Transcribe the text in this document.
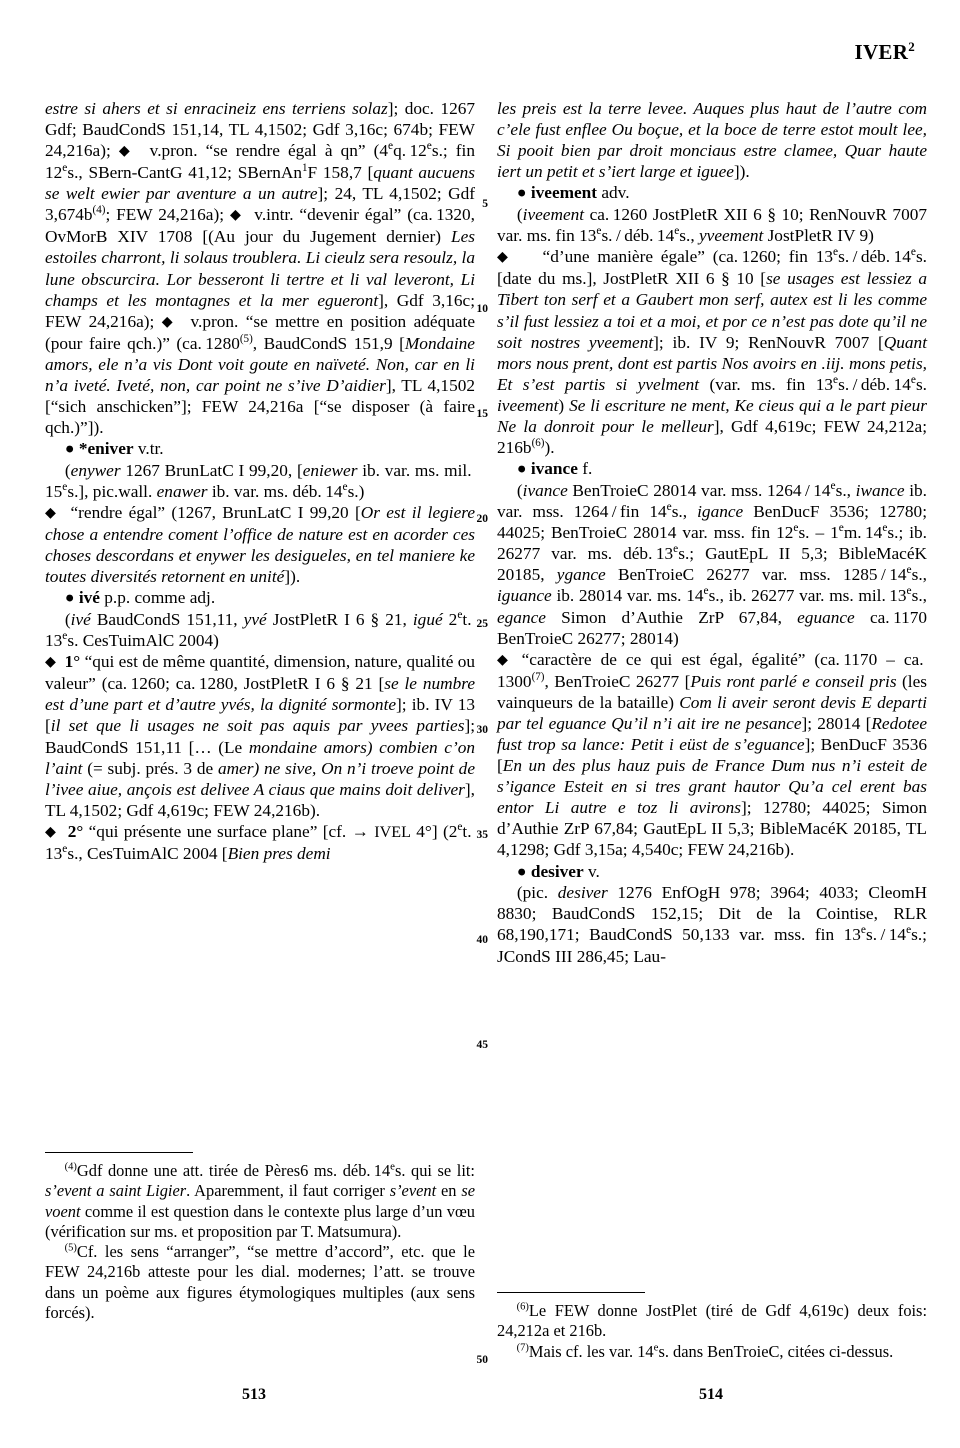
IVER$^2$

estre si ahers et si enracineiz ens terriens solaz]; doc. 1267 Gdf; BaudCondS 151,14, TL 4,1502; Gdf 3,16c; 674b; FEW 24,216a); ◆  v.pron. “se rendre égal à qn” (4eq. 12es.; fin 12es., SBern-CantG 41,12; SBernAn$^1$F 158,7 [quant aucuens se welt ewier par aventure a un autre]; 24, TL 4,1502; Gdf $3,674b^{(4)}$; FEW 24,216a); ◆  v.intr. “devenir égal” (ca. 1320, OvMorB XIV 1708 [(Au jour du Jugement dernier) Les estoiles charront, li solaus troublera. Li cieulz sera resoulz, la lune obscurcira. Lor besseront li tertre et li val leveront, Li champs et les montagnes et la mer egueront], Gdf 3,16c; FEW 24,216a); ◆  v.pron. “se mettre en position adéquate (pour faire qch.)” (ca. 1280$^{(5)}$, BaudCondS 151,9 [Mondaine amors, ele n’a vis Dont voit goute en naïveté. Non, car en li n’a iveté. Iveté, non, car point ne s’ive D’aidier], TL 4,1502 [“sich anschicken”]; FEW 24,216a [“se disposer (à faire qch.)”]).

● *eniver v.tr.

(enywer 1267 BrunLatC I 99,20, [eniewer ib. var. ms. mil. 15es.], pic.wall. enawer ib. var. ms. déb. 14es.)

◆  “rendre égal” (1267, BrunLatC I 99,20 [Or est il legiere chose a entendre coment l’office de nature est en acorder ces choses descordans et enywer les desigueles, en tel maniere ke toutes diversités retornent en unité]).

● ivé p.p. comme adj.

(ivé BaudCondS 151,11, yvé JostPletR I 6 § 21, igué 2et. 13es. CesTuimAlC 2004)

◆ 1° “qui est de même quantité, dimension, nature, qualité ou valeur” (ca. 1260; ca. 1280, JostPletR I 6 § 21 [se le numbre est d’une part et d’autre yvés, la dignité sormonte]; ib. IV 13 [il set que li usages ne soit pas aquis par yvees parties]; BaudCondS 151,11 [… (Le mondaine amors) combien c’on l’aint (= subj. prés. 3 de amer) ne sive, On n’i troeve point de l’ivee aiue, ançois est delivee A ciaus que mains doit deliver], TL 4,1502; Gdf 4,619c; FEW 24,216b).

◆ 2° “qui présente une surface plane” [cf. → IVEL 4°] (2et. 13es., CesTuimAlC 2004 [Bien pres demi

5
10
15
20
25
30
35
40
45
50

les preis est la terre levee. Auques plus haut de l’autre com c’ele fust enflee Ou boçue, et la boce de terre estot moult lee, Si pooit bien par droit monciaus estre clamee, Quar haute iert un petit et s’iert large et iguee]).

● iveement adv.

(iveement ca. 1260 JostPletR XII 6 § 10; RenNouvR 7007 var. ms. fin 13es. / déb. 14es., yveement JostPletR IV 9)

◆    “d’une manière égale” (ca. 1260; fin 13es. / déb. 14es. [date du ms.], JostPletR XII 6 § 10 [se usages est lessiez a Tibert ton serf et a Gaubert mon serf, autex est li les comme s’il fust lessiez a toi et a moi, et por ce n’est pas dote qu’il ne soit nostres yveement]; ib. IV 9; RenNouvR 7007 [Quant mors nous prent, dont est partis Nos avoirs en .iij. mons petis, Et s’est partis si yvelment (var. ms. fin 13es. / déb. 14es. iveement) Se li escriture ne ment, Ke cieus qui a le part pieur Ne la donroit pour le melleur], Gdf 4,619c; FEW 24,212a; $216b^{(6)}$).

● ivance f.

(ivance BenTroieC 28014 var. mss. 1264 / 14es., iwance ib. var. mss. 1264 / fin 14es., igance BenDucF 3536; 12780; 44025; BenTroieC 28014 var. mss. fin 12es. – 1em. 14es.; ib. 26277 var. ms. déb. 13es.; GautEpL II 5,3; BibleMacéK 20185, ygance BenTroieC 26277 var. mss. 1285 / 14es., iguance ib. 28014 var. ms. 14es., ib. 26277 var. ms. mil. 13es., egance Simon d’Authie ZrP 67,84, eguance ca. 1170 BenTroieC 26277; 28014)

◆ “caractère de ce qui est égal, égalité” (ca. 1170 – ca. 1300$^{(7)}$, BenTroieC 26277 [Puis ront parlé e conseil pris (les vainqueurs de la bataille) Com li aveir seront devis E departi par tel eguance Qu’il n’i ait ire ne pesance]; 28014 [Redotee fust trop sa lance: Petit i eüst de s’eguance]; BenDucF 3536 [En un des plus hauz puis de France Dum nus n’i esteit de s’igance Esteit en si tres grant hautor Qu’a cel erent bas entor Li autre e toz li avirons]; 12780; 44025; Simon d’Authie ZrP 67,84; GautEpL II 5,3; BibleMacéK 20185, TL 4,1298; Gdf 3,15a; 4,540c; FEW 24,216b).

● desiver v.

(pic. desiver 1276 EnfOgH 978; 3964; 4033; CleomH 8830; BaudCondS 152,15; Dit de la Cointise, RLR 68,190,171; BaudCondS 50,133 var. mss. fin 13es. / 14es.; JCondS III 286,45; Lau-

$^{(4)}$Gdf donne une att. tirée de Pères6 ms. déb. 14es. qui se lit: s’event a saint Ligier. Aparemment, il faut corriger s’event en se voent comme il est question dans le contexte plus large d’un vœu (vérification sur ms. et proposition par T. Matsumura).

$^{(5)}$Cf. les sens “arranger”, “se mettre d’accord”, etc. que le FEW 24,216b atteste pour les dial. modernes; l’att. se trouve dans un poème aux figures étymologiques multiples (aux sens forcés).	$^{(6)}$Le FEW donne JostPlet (tiré de Gdf 4,619c) deux fois: 24,212a et 216b.

$^{(7)}$Mais cf. les var. 14es. dans BenTroieC, citées ci-dessus.

513	514
